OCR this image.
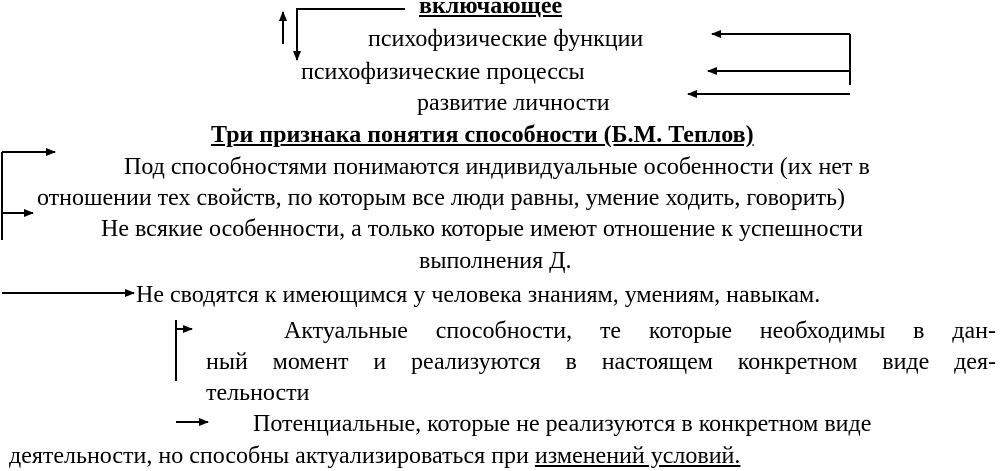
включающее
психофизические функции
психофизические процессы
развитие личности
Три признака понятия способности (Б.М. Теплов)
Под способностями понимаются индивидуальные особенности (их нет в
отношении тех свойств, по которым все люди равны, умение ходить, говорить)
Не всякие особенности, а только которые имеют отношение к успешности
выполнения Д.
Не сводятся к имеющимся у человека знаниям, умениям, навыкам.
Актуальные способности, те которые необходимы в дан-
ный момент и реализуются в настоящем конкретном виде дея-
тельности
Потенциальные, которые не реализуются в конкретном виде
деятельности, но способны актуализироваться при изменений условий.
